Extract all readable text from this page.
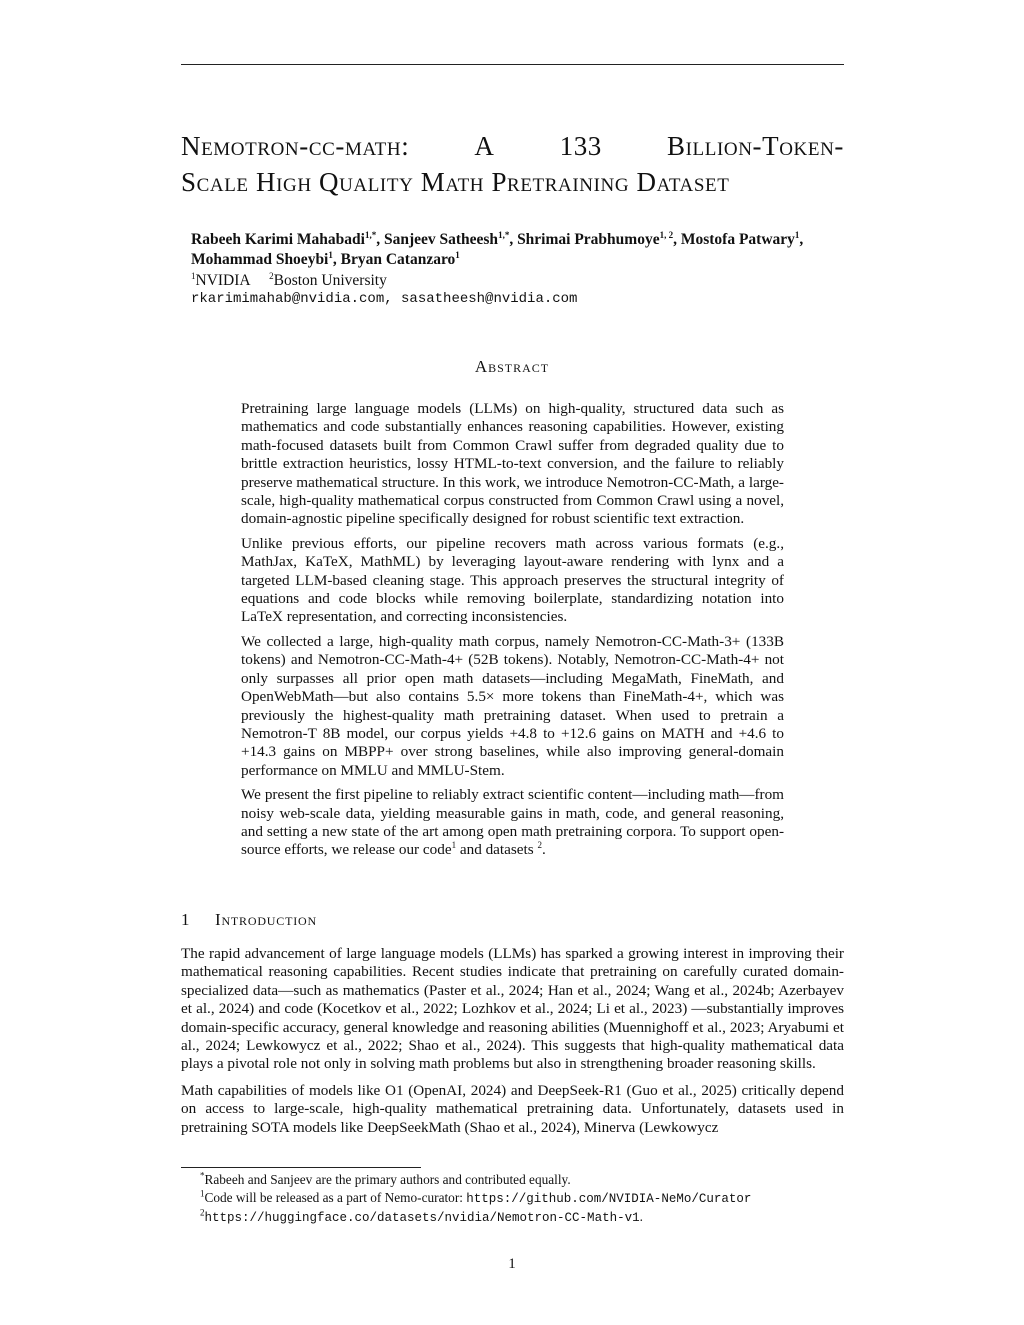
Nemotron-cc-math: A 133 Billion-Token-
Scale High Quality Math Pretraining Dataset
Rabeeh Karimi Mahabadi$^{1,*}$, Sanjeev Satheesh$^{1,*}$, Shrimai Prabhumoye$^{1, 2}$, Mostofa Patwary$^1$,
Mohammad Shoeybi$^1$, Bryan Catanzaro$^1$
$^1$NVIDIA $^2$Boston University
rkarimimahab@nvidia.com, sasatheesh@nvidia.com
Abstract

Pretraining large language models (LLMs) on high-quality, structured data such as mathematics and code substantially enhances reasoning capabilities. However, existing math-focused datasets built from Common Crawl suffer from degraded quality due to brittle extraction heuristics, lossy HTML-to-text conversion, and the failure to reliably preserve mathematical structure. In this work, we introduce Nemotron-CC-Math, a large-scale, high-quality mathematical corpus constructed from Common Crawl using a novel, domain-agnostic pipeline specifically designed for robust scientific text extraction.

Unlike previous efforts, our pipeline recovers math across various formats (e.g., MathJax, KaTeX, MathML) by leveraging layout-aware rendering with lynx and a targeted LLM-based cleaning stage. This approach preserves the structural integrity of equations and code blocks while removing boilerplate, standardizing notation into LaTeX representation, and correcting inconsistencies.

We collected a large, high-quality math corpus, namely Nemotron-CC-Math-3+ (133B tokens) and Nemotron-CC-Math-4+ (52B tokens). Notably, Nemotron-CC-Math-4+ not only surpasses all prior open math datasets—including MegaMath, FineMath, and OpenWebMath—but also contains 5.5× more tokens than FineMath-4+, which was previously the highest-quality math pretraining dataset. When used to pretrain a Nemotron-T 8B model, our corpus yields +4.8 to +12.6 gains on MATH and +4.6 to +14.3 gains on MBPP+ over strong baselines, while also improving general-domain performance on MMLU and MMLU-Stem.

We present the first pipeline to reliably extract scientific content—including math—from noisy web-scale data, yielding measurable gains in math, code, and general reasoning, and setting a new state of the art among open math pretraining corpora. To support open-source efforts, we release our code$^1$ and datasets $^2$.

1 Introduction

The rapid advancement of large language models (LLMs) has sparked a growing interest in improving their mathematical reasoning capabilities. Recent studies indicate that pretraining on carefully curated domain-specialized data—such as mathematics (Paster et al., 2024; Han et al., 2024; Wang et al., 2024b; Azerbayev et al., 2024) and code (Kocetkov et al., 2022; Lozhkov et al., 2024; Li et al., 2023) —substantially improves domain-specific accuracy, general knowledge and reasoning abilities (Muennighoff et al., 2023; Aryabumi et al., 2024; Lewkowycz et al., 2022; Shao et al., 2024). This suggests that high-quality mathematical data plays a pivotal role not only in solving math problems but also in strengthening broader reasoning skills.

Math capabilities of models like O1 (OpenAI, 2024) and DeepSeek-R1 (Guo et al., 2025) critically depend on access to large-scale, high-quality mathematical pretraining data. Unfortunately, datasets used in pretraining SOTA models like DeepSeekMath (Shao et al., 2024), Minerva (Lewkowycz

*Rabeeh and Sanjeev are the primary authors and contributed equally.
$^1$Code will be released as a part of Nemo-curator: https://github.com/NVIDIA-NeMo/Curator
$^2$https://huggingface.co/datasets/nvidia/Nemotron-CC-Math-v1.
1
